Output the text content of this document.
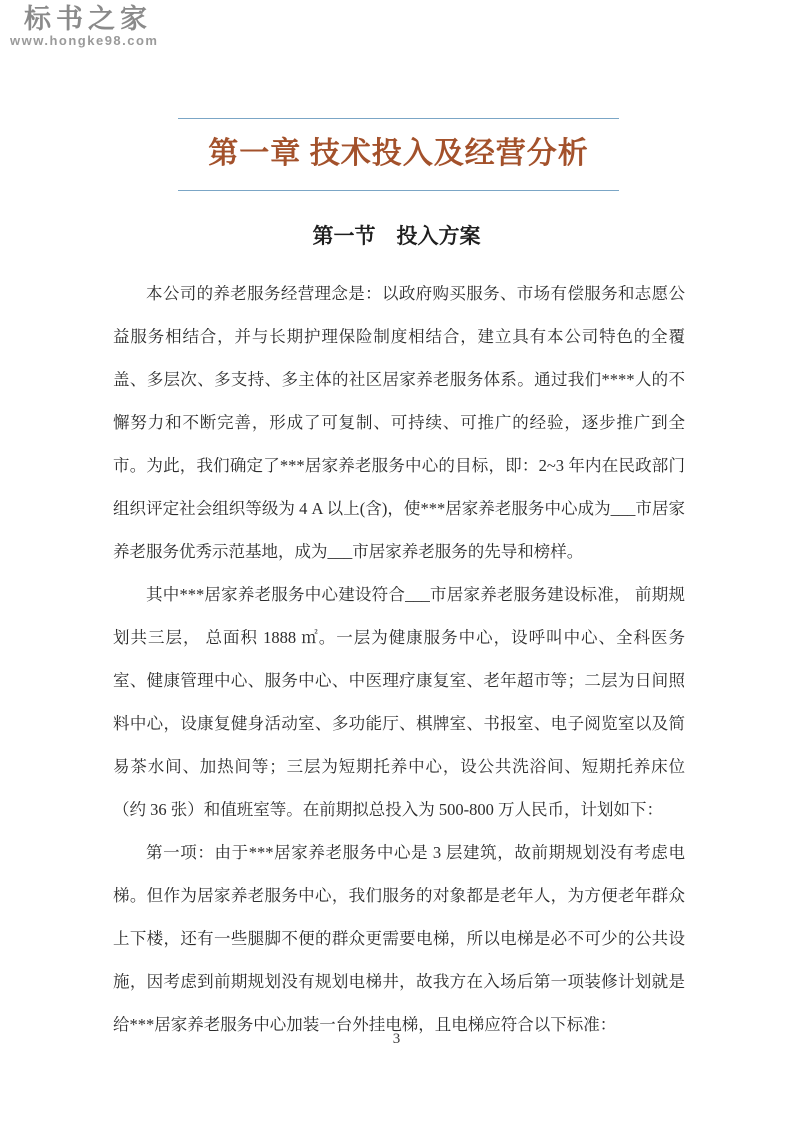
标书之家
www.hongke98.com
第一章 技术投入及经营分析
第一节　投入方案

本公司的养老服务经营理念是：以政府购买服务、市场有偿服务和志愿公益服务相结合，并与长期护理保险制度相结合，建立具有本公司特色的全覆盖、多层次、多支持、多主体的社区居家养老服务体系。通过我们****人的不懈努力和不断完善，形成了可复制、可持续、可推广的经验，逐步推广到全市。为此，我们确定了***居家养老服务中心的目标，即：2~3 年内在民政部门组织评定社会组织等级为 4 A 以上(含)，使***居家养老服务中心成为___市居家养老服务优秀示范基地，成为___市居家养老服务的先导和榜样。

其中***居家养老服务中心建设符合___市居家养老服务建设标准， 前期规划共三层， 总面积 1888 ㎡。一层为健康服务中心，设呼叫中心、全科医务室、健康管理中心、服务中心、中医理疗康复室、老年超市等；二层为日间照料中心，设康复健身活动室、多功能厅、棋牌室、书报室、电子阅览室以及简易茶水间、加热间等；三层为短期托养中心，设公共洗浴间、短期托养床位（约 36 张）和值班室等。在前期拟总投入为 500-800 万人民币，计划如下：

第一项：由于***居家养老服务中心是 3 层建筑，故前期规划没有考虑电梯。但作为居家养老服务中心，我们服务的对象都是老年人，为方便老年群众上下楼，还有一些腿脚不便的群众更需要电梯，所以电梯是必不可少的公共设施，因考虑到前期规划没有规划电梯井，故我方在入场后第一项装修计划就是给***居家养老服务中心加装一台外挂电梯，且电梯应符合以下标准：

3
